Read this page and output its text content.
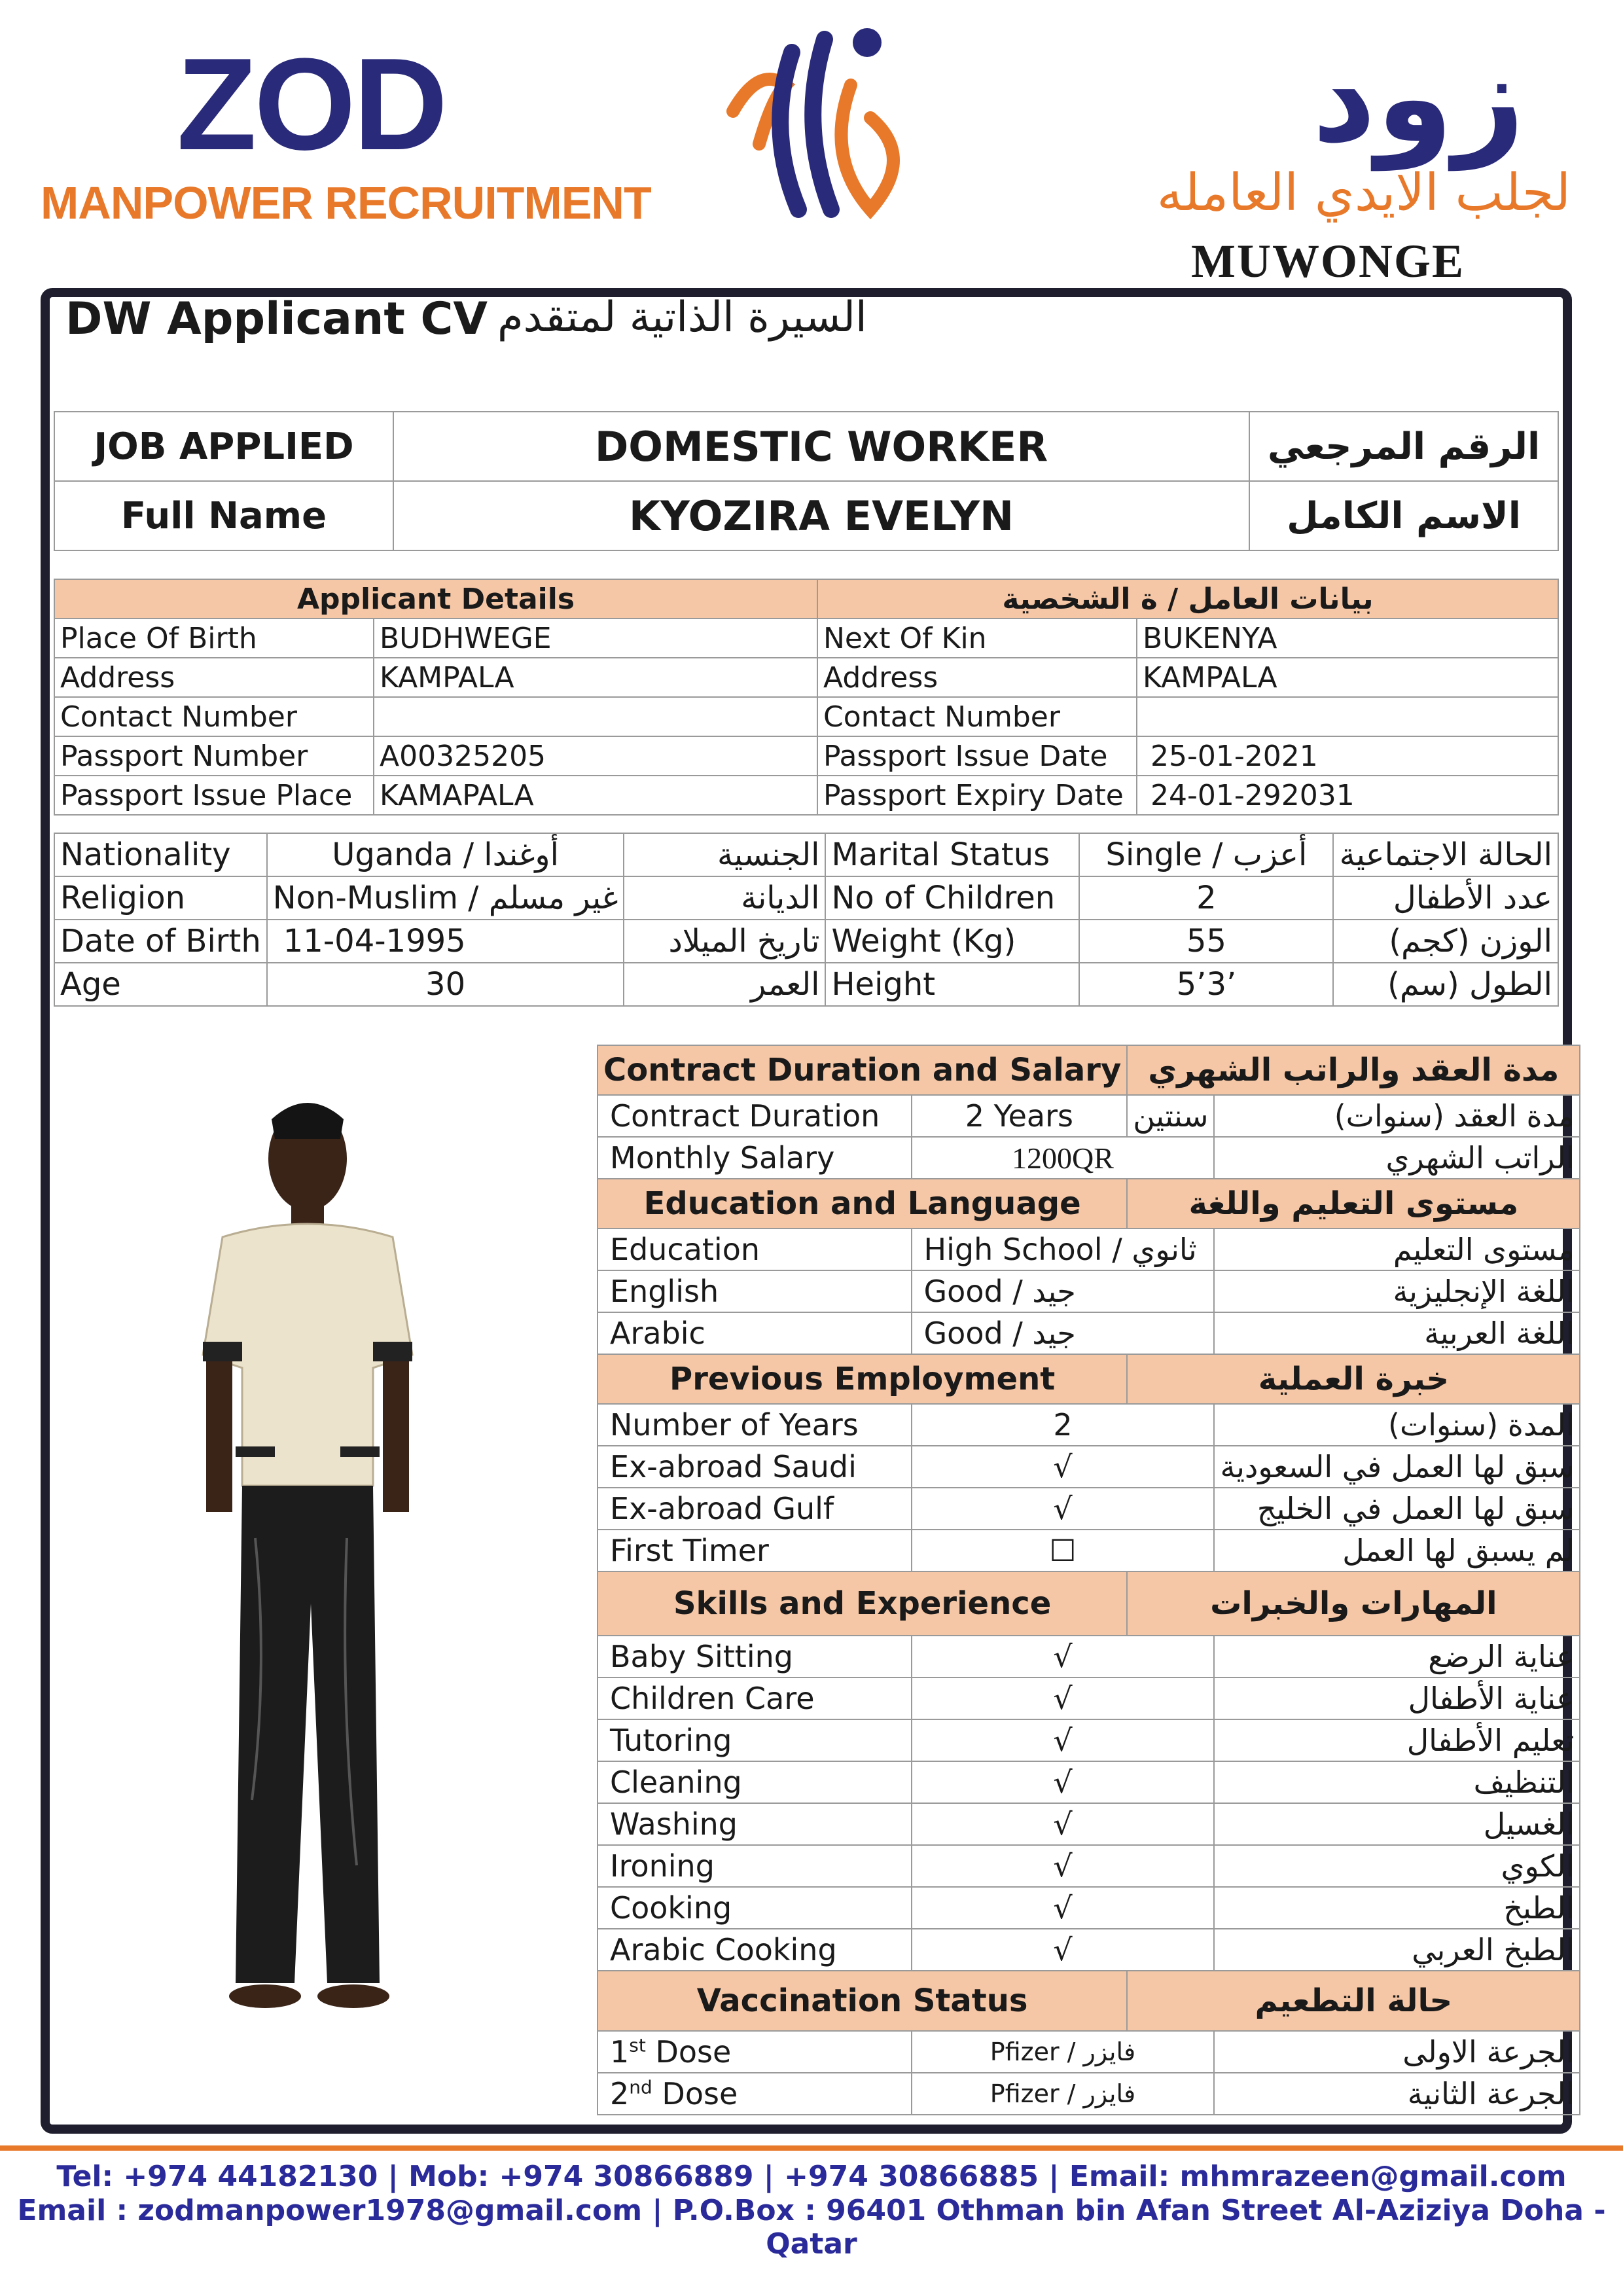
ZOD
MANPOWER RECRUITMENT
زود
لجلب الايدي العامله
MUWONGE
DW Applicant CV السيرة الذاتية لمتقدم
JOB APPLIED	DOMESTIC WORKER	الرقم المرجعي
Full Name	KYOZIRA EVELYN	الاسم الكامل
Applicant Details		بيانات العامل / ة الشخصية	
Place Of Birth	BUDHWEGE	Next Of Kin	BUKENYA
Address	KAMPALA	Address	KAMPALA
Contact Number		Contact Number	
Passport Number	A00325205	Passport Issue Date	25-01-2021
Passport Issue Place	KAMAPALA	Passport Expiry Date	24-01-292031
Nationality	Uganda / أوغندا	الجنسية	Marital Status	Single / أعزب	الحالة الاجتماعية
Religion	Non-Muslim / غير مسلم	الديانة	No of Children	2	عدد الأطفال
Date of Birth	11-04-1995	تاريخ الميلاد	Weight (Kg)	55	الوزن (كجم)
Age	30	العمر	Height	5’3’	الطول (سم)
Contract Duration and Salary		مدة العقد والراتب الشهري	
Contract Duration	2 Years	سنتين	مدة العقد (سنوات)
Monthly Salary	1200QR		الراتب الشهري
Education and Language		مستوى التعليم واللغة	
Education	High School / ثانوي		مستوى التعليم
English	Good / جيد		اللغة الإنجليزية
Arabic	Good / جيد		اللغة العربية
Previous Employment		خبرة العملية	
Number of Years	2		المدة (سنوات)
Ex-abroad Saudi	√		سبق لها العمل في السعودية
Ex-abroad Gulf	√		سبق لها العمل في الخليج
First Timer	☐		لم يسبق لها العمل
Skills and Experience		المهارات والخبرات	
Baby Sitting	√		عناية الرضع
Children Care	√		عناية الأطفال
Tutoring	√		تعليم الأطفال
Cleaning	√		التنظيف
Washing	√		الغسيل
Ironing	√		الكوي
Cooking	√		الطبخ
Arabic Cooking	√		الطبخ العربي
Vaccination Status		حالة التطعيم	
1st Dose	Pfizer / فايزر		الجرعة الاولى
2nd Dose	Pfizer / فايزر		الجرعة الثانية
Tel: +974 44182130 | Mob: +974 30866889 | +974 30866885 | Email: mhmrazeen@gmail.com
Email : zodmanpower1978@gmail.com | P.O.Box : 96401 Othman bin Afan Street Al-Aziziya Doha - Qatar
